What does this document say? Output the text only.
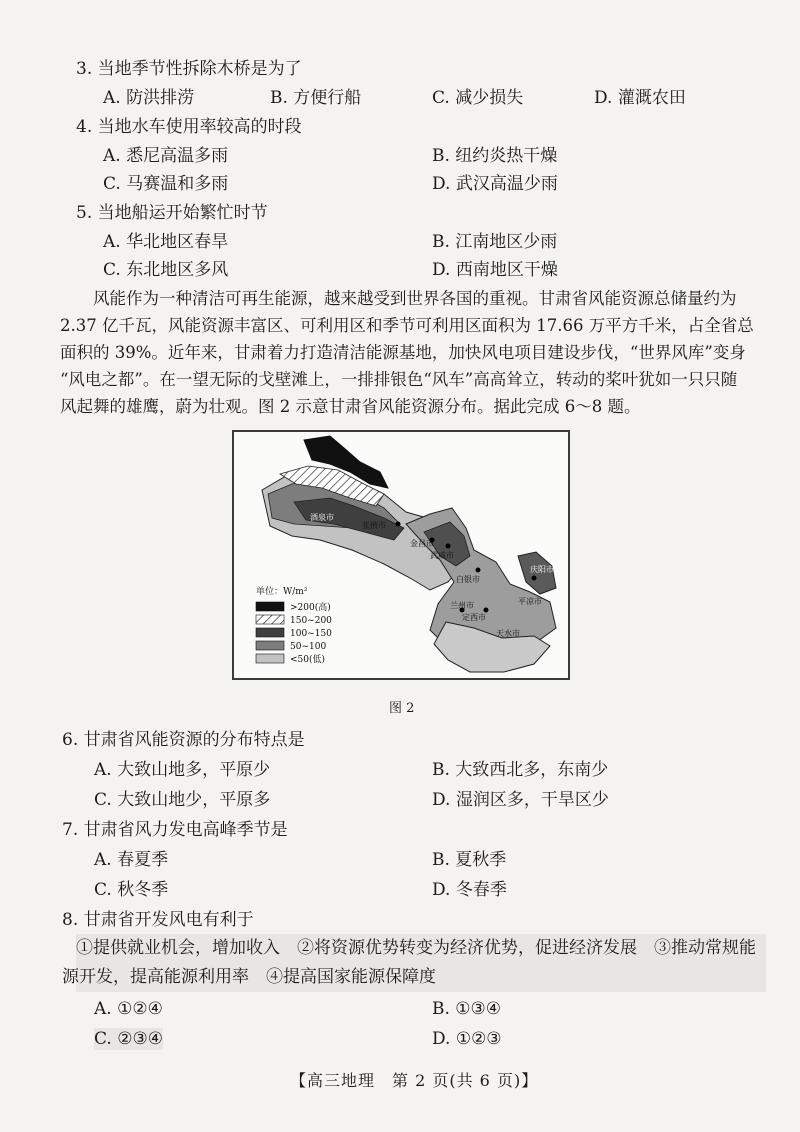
3. 当地季节性拆除木桥是为了
A. 防洪排涝	B. 方便行船	C. 减少损失	D. 灌溉农田
4. 当地水车使用率较高的时段
A. 悉尼高温多雨	B. 纽约炎热干燥
C. 马赛温和多雨	D. 武汉高温少雨
5. 当地船运开始繁忙时节
A. 华北地区春旱	B. 江南地区少雨
C. 东北地区多风	D. 西南地区干燥
风能作为一种清洁可再生能源，越来越受到世界各国的重视。甘肃省风能资源总储量约为
2.37 亿千瓦，风能资源丰富区、可利用区和季节可利用区面积为 17.66 万平方千米，占全省总
面积的 39%。近年来，甘肃着力打造清洁能源基地，加快风电项目建设步伐，“世界风库”变身
“风电之都”。在一望无际的戈壁滩上，一排排银色“风车”高高耸立，转动的桨叶犹如一只只随
风起舞的雄鹰，蔚为壮观。图 2 示意甘肃省风能资源分布。据此完成 6～8 题。
酒泉市
张掖市
金昌市
武威市
白银市
庆阳市
兰州市
定西市
平凉市
天水市
单位：W/m²
>200(高)
150~200
100~150
50~100
<50(低)
图 2
6. 甘肃省风能资源的分布特点是
A. 大致山地多，平原少	B. 大致西北多，东南少
C. 大致山地少，平原多	D. 湿润区多，干旱区少
7. 甘肃省风力发电高峰季节是
A. 春夏季	B. 夏秋季
C. 秋冬季	D. 冬春季
8. 甘肃省开发风电有利于
①提供就业机会，增加收入　②将资源优势转变为经济优势，促进经济发展　③推动常规能
源开发，提高能源利用率　④提高国家能源保障度
A. ①②④	B. ①③④
C. ②③④	D. ①②③
【高三地理　第 2 页(共 6 页)】
